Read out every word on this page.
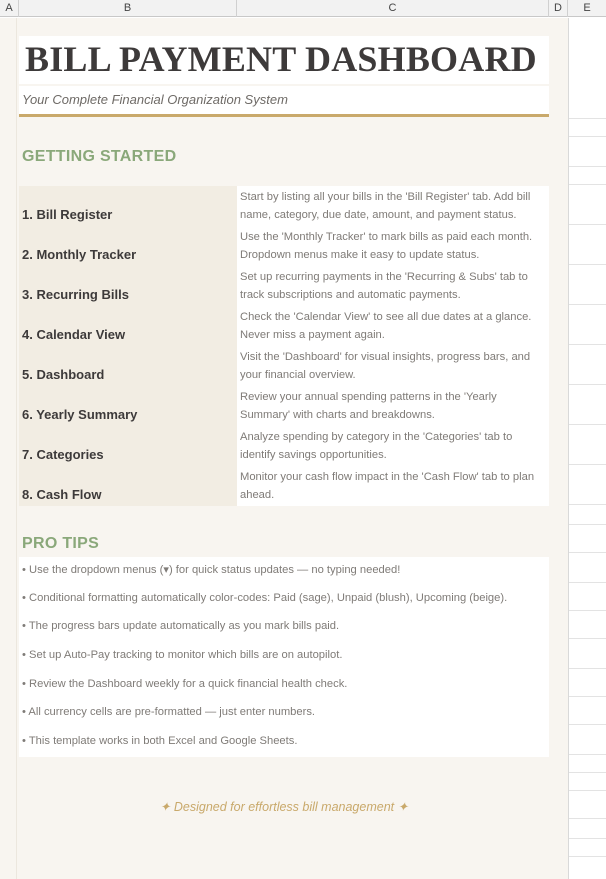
A	B	C	D	E
BILL PAYMENT DASHBOARD
Your Complete Financial Organization System
GETTING STARTED
1. Bill Register
Start by listing all your bills in the 'Bill Register' tab. Add bill name, category, due date, amount, and payment status.
2. Monthly Tracker
Use the 'Monthly Tracker' to mark bills as paid each month. Dropdown menus make it easy to update status.
3. Recurring Bills
Set up recurring payments in the 'Recurring & Subs' tab to track subscriptions and automatic payments.
4. Calendar View
Check the 'Calendar View' to see all due dates at a glance. Never miss a payment again.
5. Dashboard
Visit the 'Dashboard' for visual insights, progress bars, and your financial overview.
6. Yearly Summary
Review your annual spending patterns in the 'Yearly Summary' with charts and breakdowns.
7. Categories
Analyze spending by category in the 'Categories' tab to identify savings opportunities.
8. Cash Flow
Monitor your cash flow impact in the 'Cash Flow' tab to plan ahead.
PRO TIPS
• Use the dropdown menus (▾) for quick status updates — no typing needed!
• Conditional formatting automatically color-codes: Paid (sage), Unpaid (blush), Upcoming (beige).
• The progress bars update automatically as you mark bills paid.
• Set up Auto-Pay tracking to monitor which bills are on autopilot.
• Review the Dashboard weekly for a quick financial health check.
• All currency cells are pre-formatted — just enter numbers.
• This template works in both Excel and Google Sheets.
✦ Designed for effortless bill management ✦
